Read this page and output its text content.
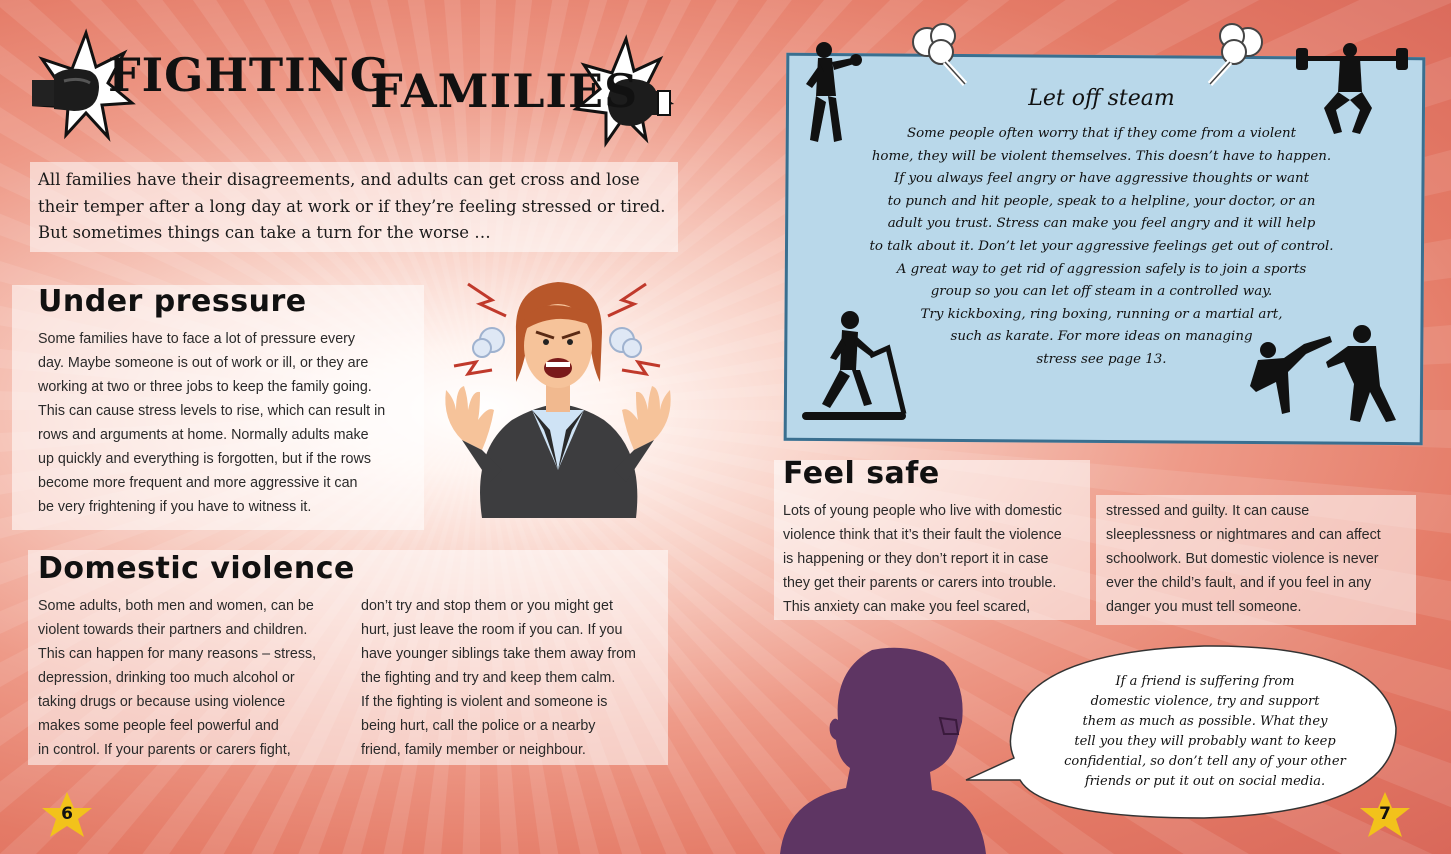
FIGHTING
FAMILIES
All families have their disagreements, and adults can get cross and lose
their temper after a long day at work or if they’re feeling stressed or tired.
But sometimes things can take a turn for the worse …
Under pressure
Some families have to face a lot of pressure every
day. Maybe someone is out of work or ill, or they are
working at two or three jobs to keep the family going.
This can cause stress levels to rise, which can result in
rows and arguments at home. Normally adults make
up quickly and everything is forgotten, but if the rows
become more frequent and more aggressive it can
be very frightening if you have to witness it.
Domestic violence
Some adults, both men and women, can be
violent towards their partners and children.
This can happen for many reasons – stress,
depression, drinking too much alcohol or
taking drugs or because using violence
makes some people feel powerful and
in control. If your parents or carers fight,
don’t try and stop them or you might get
hurt, just leave the room if you can. If you
have younger siblings take them away from
the fighting and try and keep them calm.
If the fighting is violent and someone is
being hurt, call the police or a nearby
friend, family member or neighbour.
Let off steam
Some people often worry that if they come from a violent
home, they will be violent themselves. This doesn’t have to happen.
If you always feel angry or have aggressive thoughts or want
to punch and hit people, speak to a helpline, your doctor, or an
adult you trust. Stress can make you feel angry and it will help
to talk about it. Don’t let your aggressive feelings get out of control.
A great way to get rid of aggression safely is to join a sports
group so you can let off steam in a controlled way.
Try kickboxing, ring boxing, running or a martial art,
such as karate. For more ideas on managing
stress see page 13.
Feel safe
Lots of young people who live with domestic
violence think that it’s their fault the violence
is happening or they don’t report it in case
they get their parents or carers into trouble.
This anxiety can make you feel scared,
stressed and guilty. It can cause
sleeplessness or nightmares and can affect
schoolwork. But domestic violence is never
ever the child’s fault, and if you feel in any
danger you must tell someone.
If a friend is suffering from
domestic violence, try and support
them as much as possible. What they
tell you they will probably want to keep
confidential, so don’t tell any of your other
friends or put it out on social media.
6	7
